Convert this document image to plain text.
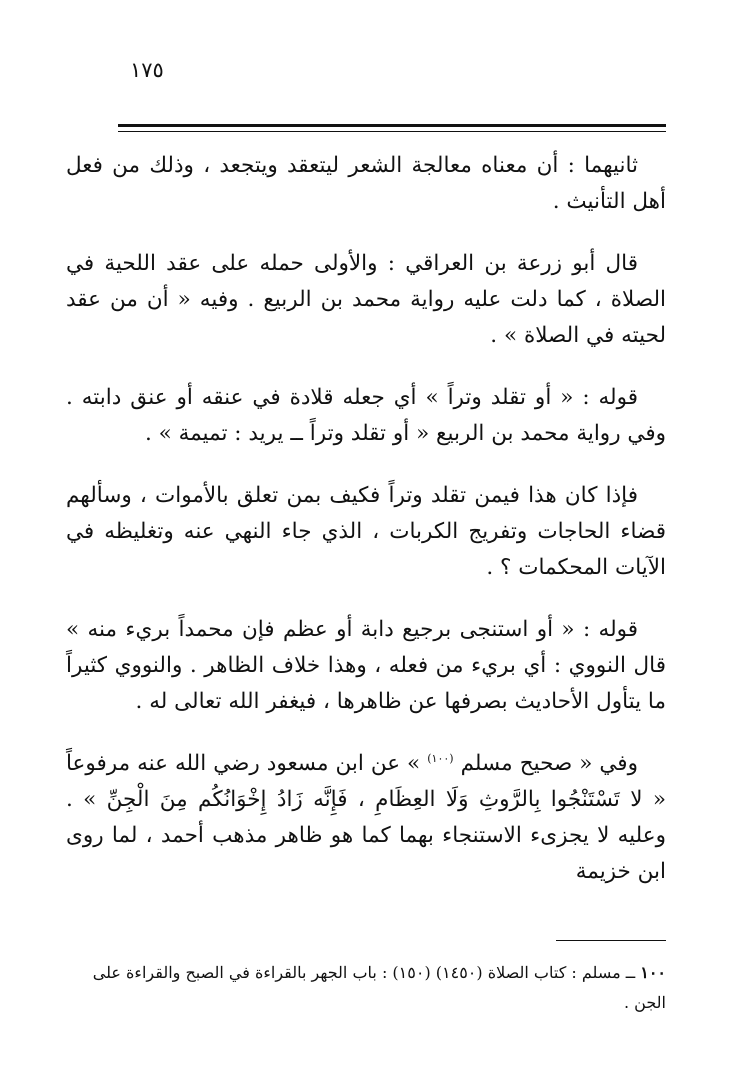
١٧٥

ثانيهما : أن معناه معالجة الشعر ليتعقد ويتجعد ، وذلك من فعل أهل التأنيث .

قال أبو زرعة بن العراقي : والأولى حمله على عقد اللحية في الصلاة ، كما دلت عليه رواية محمد بن الربيع . وفيه « أن من عقد لحيته في الصلاة » .

قوله : « أو تقلد وتراً » أي جعله قلادة في عنقه أو عنق دابته . وفي رواية محمد بن الربيع « أو تقلد وتراً ــ يريد : تميمة » .

فإذا كان هذا فيمن تقلد وتراً فكيف بمن تعلق بالأموات ، وسألهم قضاء الحاجات وتفريج الكربات ، الذي جاء النهي عنه وتغليظه في الآيات المحكمات ؟ .

قوله : « أو استنجى برجيع دابة أو عظم فإن محمداً بريء منه » قال النووي : أي بريء من فعله ، وهذا خلاف الظاهر . والنووي كثيراً ما يتأول الأحاديث بصرفها عن ظاهرها ، فيغفر الله تعالى له .

وفي « صحيح مسلم $^{(١٠٠)}$ » عن ابن مسعود رضي الله عنه مرفوعاً « لا تَسْتَنْجُوا بِالرَّوثِ وَلَا العِظَامِ ، فَإِنَّه زَادُ إِخْوَانُكُم مِنَ الْجِنِّ » . وعليه لا يجزىء الاستنجاء بهما كما هو ظاهر مذهب أحمد ، لما روى ابن خزيمة

١٠٠ ــ مسلم : كتاب الصلاة (١٤٥٠) (١٥٠) : باب الجهر بالقراءة في الصبح والقراءة على الجن .
